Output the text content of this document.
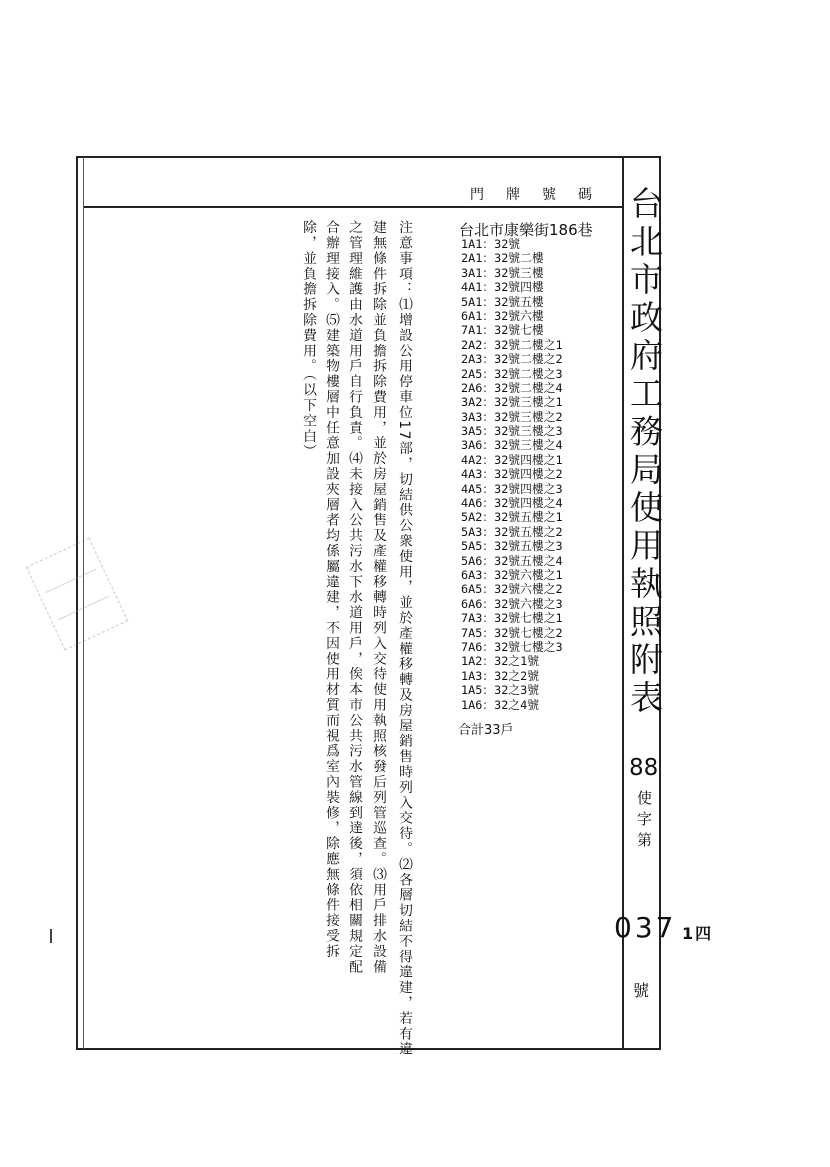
門牌號碼 台北市政府工務局使用執照附表
88
使字第
037 1四
號
台北市康樂街186巷
1A1：32號
2A1：32號二樓
3A1：32號三樓
4A1：32號四樓
5A1：32號五樓
6A1：32號六樓
7A1：32號七樓
2A2：32號二樓之1
2A3：32號二樓之2
2A5：32號二樓之3
2A6：32號二樓之4
3A2：32號三樓之1
3A3：32號三樓之2
3A5：32號三樓之3
3A6：32號三樓之4
4A2：32號四樓之1
4A3：32號四樓之2
4A5：32號四樓之3
4A6：32號四樓之4
5A2：32號五樓之1
5A3：32號五樓之2
5A5：32號五樓之3
5A6：32號五樓之4
6A3：32號六樓之1
6A5：32號六樓之2
6A6：32號六樓之3
7A3：32號七樓之1
7A5：32號七樓之2
7A6：32號七樓之3
1A2：32之1號
1A3：32之2號
1A5：32之3號
1A6：32之4號
合計33戶
注意事項：⑴增設公用停車位17部，切結供公衆使用，並於產權移轉及房屋銷售時列入交待。⑵各層切結不得違建，若有違
建無條件拆除並負擔拆除費用，並於房屋銷售及產權移轉時列入交待使用執照核發后列管巡查。⑶用戶排水設備
之管理維護由水道用戶自行負責。⑷未接入公共污水下水道用戶，俟本市公共污水管線到達後，須依相關規定配
合辦理接入。⑸建築物樓層中任意加設夾層者均係屬違建，不因使用材質而視爲室內裝修，除應無條件接受拆
除，並負擔拆除費用。（以下空白）
